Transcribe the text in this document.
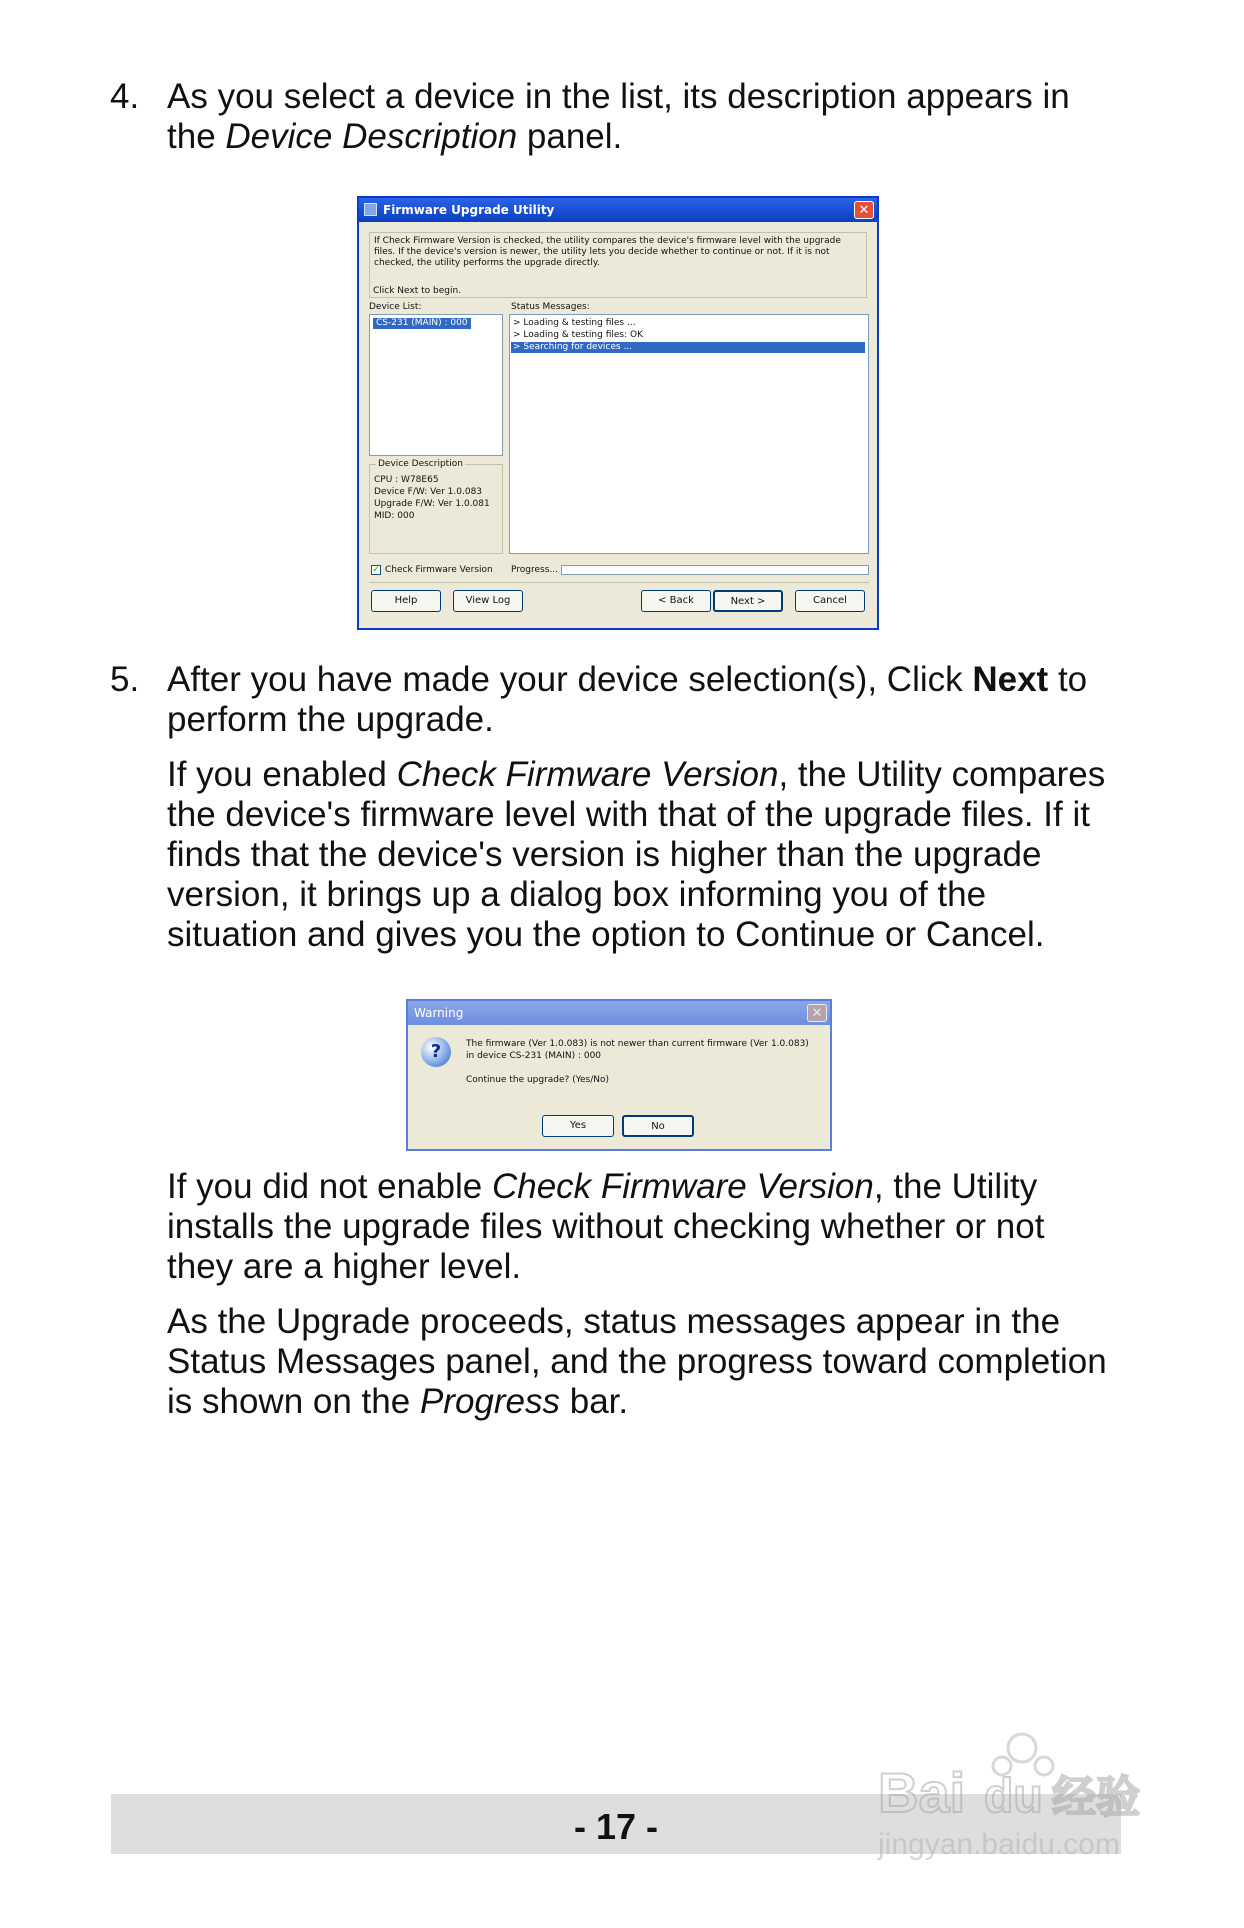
4. As you select a device in the list, its description appears in
the Device Description panel.
Firmware Upgrade Utility	✕
If Check Firmware Version is checked, the utility compares the device's firmware level with the upgrade files. If the device's version is newer, the utility lets you decide whether to continue or not. If it is not checked, the utility performs the upgrade directly.
Click Next to begin.
Device List:
CS-231 (MAIN) : 000
Status Messages:
> Loading & testing files ...
> Loading & testing files: OK
> Searching for devices ...
Device Description
CPU : W78E65
Device F/W: Ver 1.0.083
Upgrade F/W: Ver 1.0.081
MID: 000
✓ Check Firmware Version Progress...
Help	View Log	< Back	Next >	Cancel
5. After you have made your device selection(s), Click Next to
perform the upgrade.
If you enabled Check Firmware Version, the Utility compares
the device's firmware level with that of the upgrade files. If it
finds that the device's version is higher than the upgrade
version, it brings up a dialog box informing you of the
situation and gives you the option to Continue or Cancel.
Warning	✕
?	The firmware (Ver 1.0.083) is not newer than current firmware (Ver 1.0.083)
in device CS-231 (MAIN) : 000
Continue the upgrade? (Yes/No)
Yes	No
If you did not enable Check Firmware Version, the Utility
installs the upgrade files without checking whether or not
they are a higher level.
As the Upgrade proceeds, status messages appear in the
Status Messages panel, and the progress toward completion
is shown on the Progress bar.
- 17 -
Bai du 经验
jingyan.baidu.com
